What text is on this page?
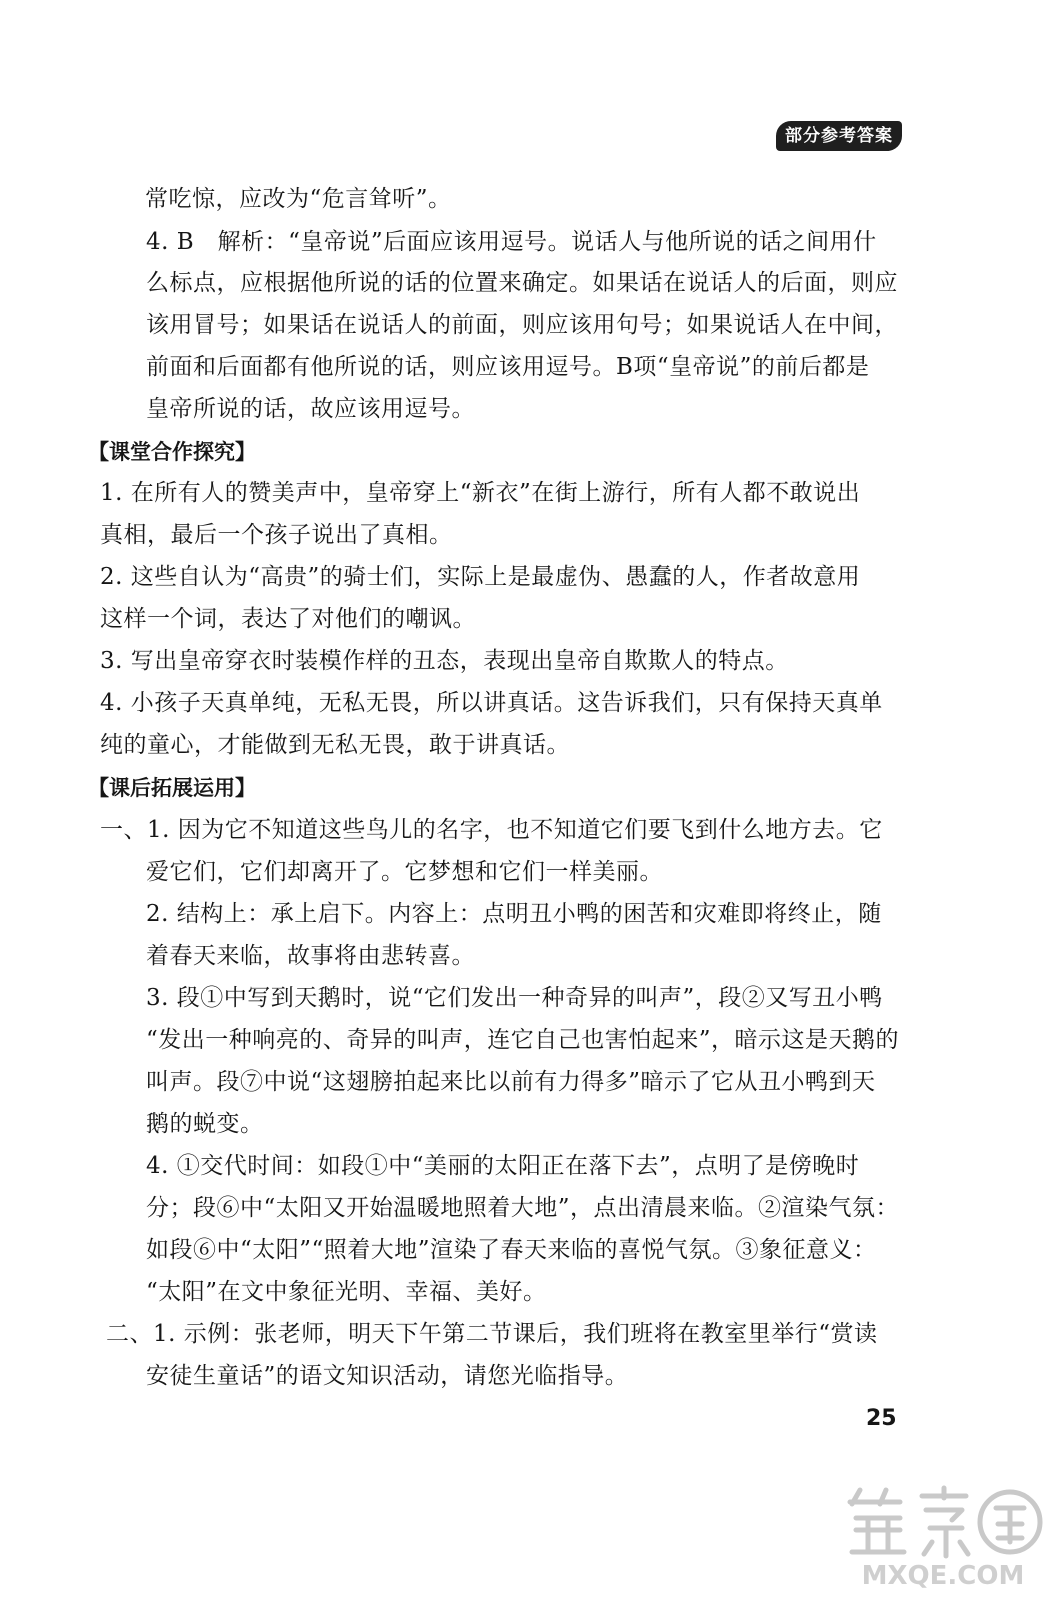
部分参考答案
常吃惊，应改为“危言耸听”。
4. B　解析：“皇帝说”后面应该用逗号。说话人与他所说的话之间用什
么标点，应根据他所说的话的位置来确定。如果话在说话人的后面，则应
该用冒号；如果话在说话人的前面，则应该用句号；如果说话人在中间，
前面和后面都有他所说的话，则应该用逗号。B项“皇帝说”的前后都是
皇帝所说的话，故应该用逗号。
【课堂合作探究】
1. 在所有人的赞美声中，皇帝穿上“新衣”在街上游行，所有人都不敢说出
真相，最后一个孩子说出了真相。
2. 这些自认为“高贵”的骑士们，实际上是最虚伪、愚蠢的人，作者故意用
这样一个词，表达了对他们的嘲讽。
3. 写出皇帝穿衣时装模作样的丑态，表现出皇帝自欺欺人的特点。
4. 小孩子天真单纯，无私无畏，所以讲真话。这告诉我们，只有保持天真单
纯的童心，才能做到无私无畏，敢于讲真话。
【课后拓展运用】
一、1. 因为它不知道这些鸟儿的名字，也不知道它们要飞到什么地方去。它
爱它们，它们却离开了。它梦想和它们一样美丽。
2. 结构上：承上启下。内容上：点明丑小鸭的困苦和灾难即将终止，随
着春天来临，故事将由悲转喜。
3. 段①中写到天鹅时，说“它们发出一种奇异的叫声”，段②又写丑小鸭
“发出一种响亮的、奇异的叫声，连它自己也害怕起来”，暗示这是天鹅的
叫声。段⑦中说“这翅膀拍起来比以前有力得多”暗示了它从丑小鸭到天
鹅的蜕变。
4. ①交代时间：如段①中“美丽的太阳正在落下去”，点明了是傍晚时
分；段⑥中“太阳又开始温暖地照着大地”，点出清晨来临。②渲染气氛：
如段⑥中“太阳”“照着大地”渲染了春天来临的喜悦气氛。③象征意义：
“太阳”在文中象征光明、幸福、美好。
二、1. 示例：张老师，明天下午第二节课后，我们班将在教室里举行“赏读
安徒生童话”的语文知识活动，请您光临指导。
25
MXQE.COM
